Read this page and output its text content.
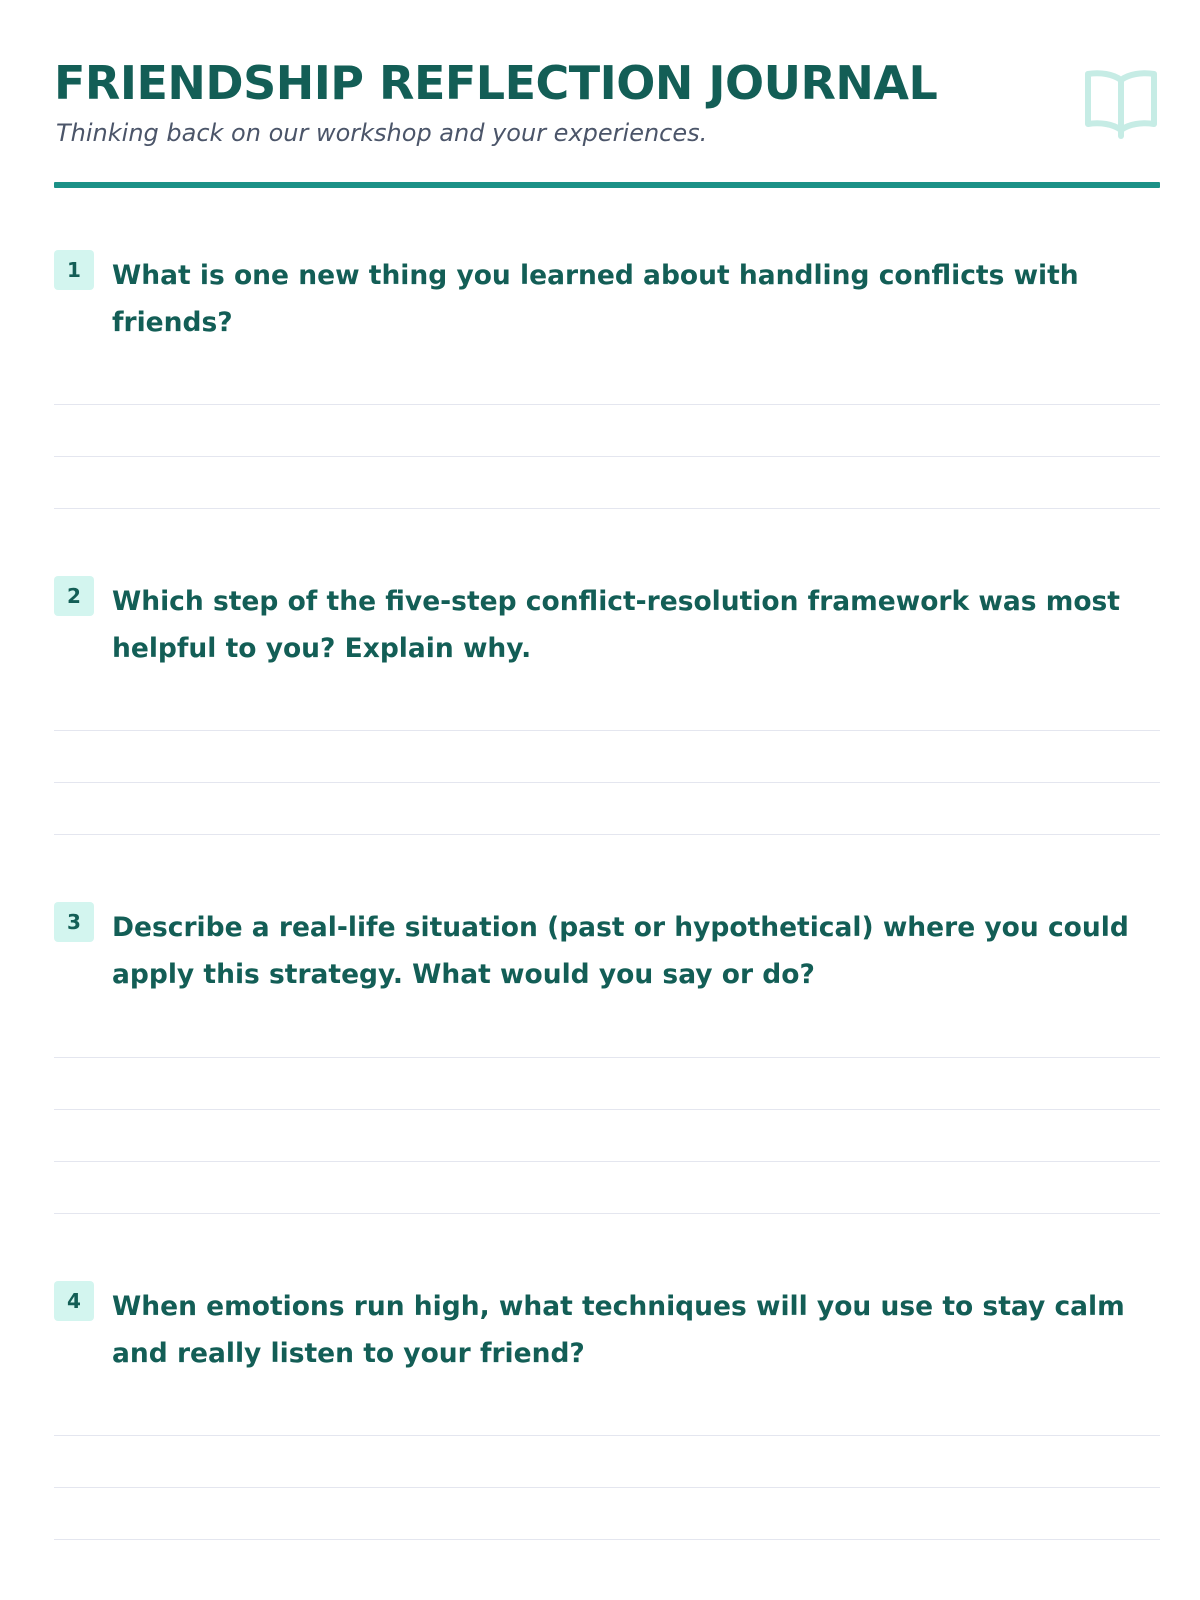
FRIENDSHIP REFLECTION JOURNAL

Thinking back on our workshop and your experiences.

1	What is one new thing you learned about handling conflicts with friends?

2	Which step of the five-step conflict-resolution framework was most helpful to you? Explain why.

3	Describe a real-life situation (past or hypothetical) where you could apply this strategy. What would you say or do?

4	When emotions run high, what techniques will you use to stay calm and really listen to your friend?
